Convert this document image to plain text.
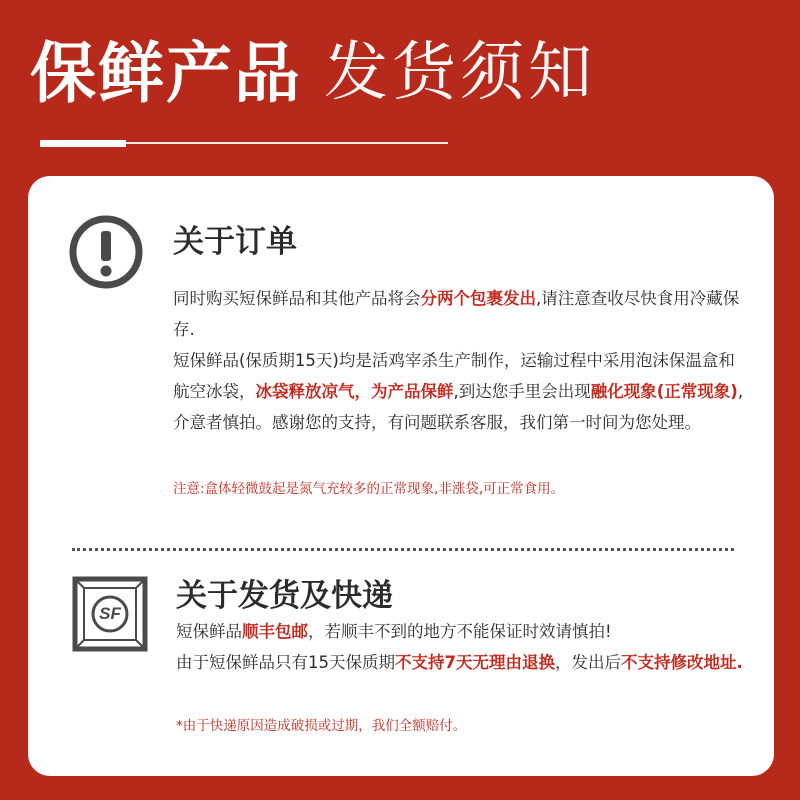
保鲜产品 发货须知
关于订单
同时购买短保鲜品和其他产品将会分两个包裹发出,请注意查收尽快食用冷藏保存.
短保鲜品(保质期15天)均是活鸡宰杀生产制作，运输过程中采用泡沫保温盒和航空冰袋，冰袋释放凉气，为产品保鲜,到达您手里会出现融化现象(正常现象),介意者慎拍。感谢您的支持，有问题联系客服，我们第一时间为您处理。
注意:盒体轻微鼓起是氮气充较多的正常现象,非涨袋,可正常食用。
SF	关于发货及快递
短保鲜品顺丰包邮，若顺丰不到的地方不能保证时效请慎拍!
由于短保鲜品只有15天保质期不支持7天无理由退换，发出后不支持修改地址.
*由于快递原因造成破损或过期，我们全额赔付。
